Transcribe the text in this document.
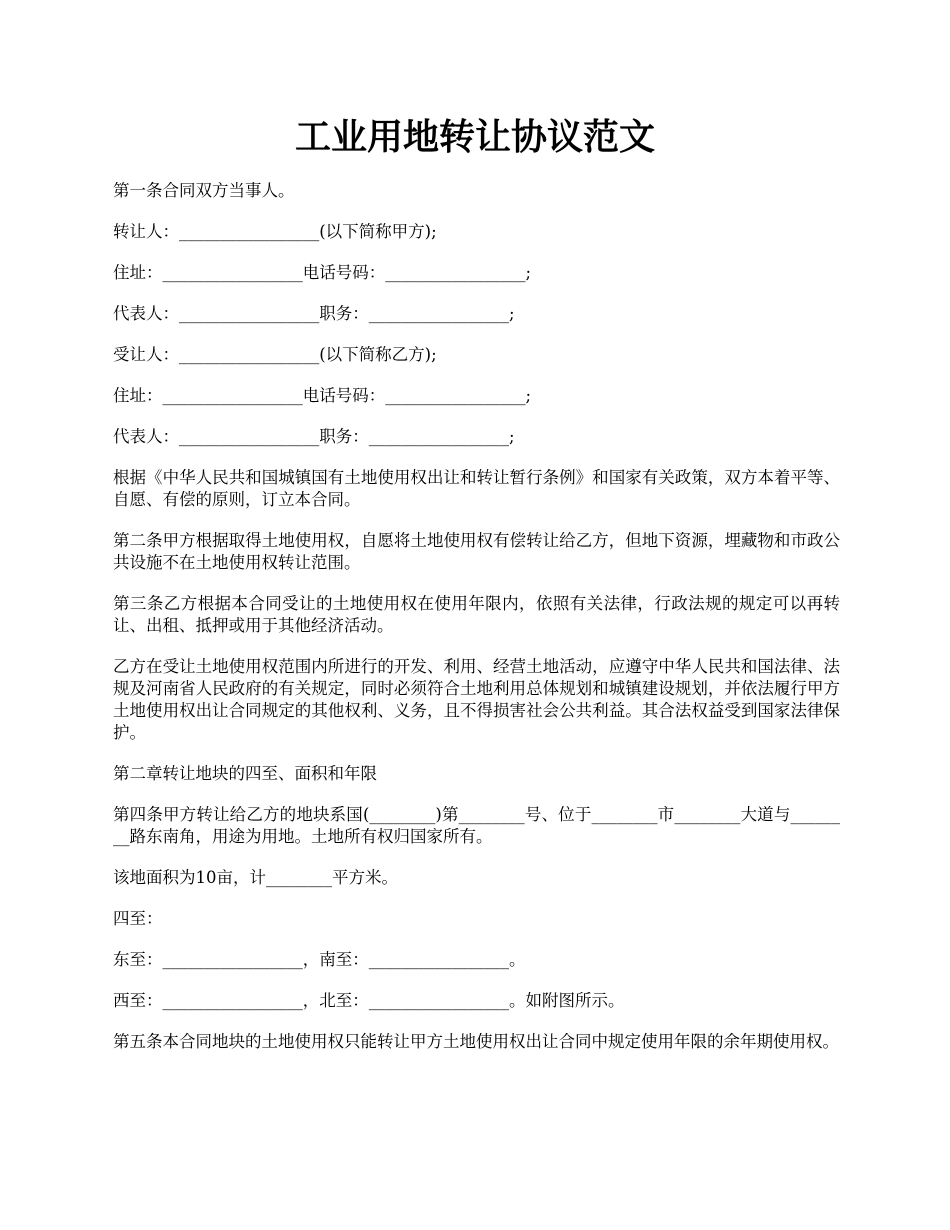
工业用地转让协议范文

第一条合同双方当事人。

转让人：_________________(以下简称甲方);

住址：_________________电话号码：_________________;

代表人：_________________职务：_________________;

受让人：_________________(以下简称乙方);

住址：_________________电话号码：_________________;

代表人：_________________职务：_________________;

根据《中华人民共和国城镇国有土地使用权出让和转让暂行条例》和国家有关政策，双方本着平等、自愿、有偿的原则，订立本合同。

第二条甲方根据取得土地使用权，自愿将土地使用权有偿转让给乙方，但地下资源，埋藏物和市政公共设施不在土地使用权转让范围。

第三条乙方根据本合同受让的土地使用权在使用年限内，依照有关法律，行政法规的规定可以再转让、出租、抵押或用于其他经济活动。

乙方在受让土地使用权范围内所进行的开发、利用、经营土地活动，应遵守中华人民共和国法律、法规及河南省人民政府的有关规定，同时必须符合土地利用总体规划和城镇建设规划，并依法履行甲方土地使用权出让合同规定的其他权利、义务，且不得损害社会公共利益。其合法权益受到国家法律保护。

第二章转让地块的四至、面积和年限

第四条甲方转让给乙方的地块系国(________)第________号、位于________市________大道与________路东南角，用途为用地。土地所有权归国家所有。

该地面积为10亩，计________平方米。

四至：

东至：_________________，南至：_________________。

西至：_________________，北至：_________________。如附图所示。

第五条本合同地块的土地使用权只能转让甲方土地使用权出让合同中规定使用年限的余年期使用权。
